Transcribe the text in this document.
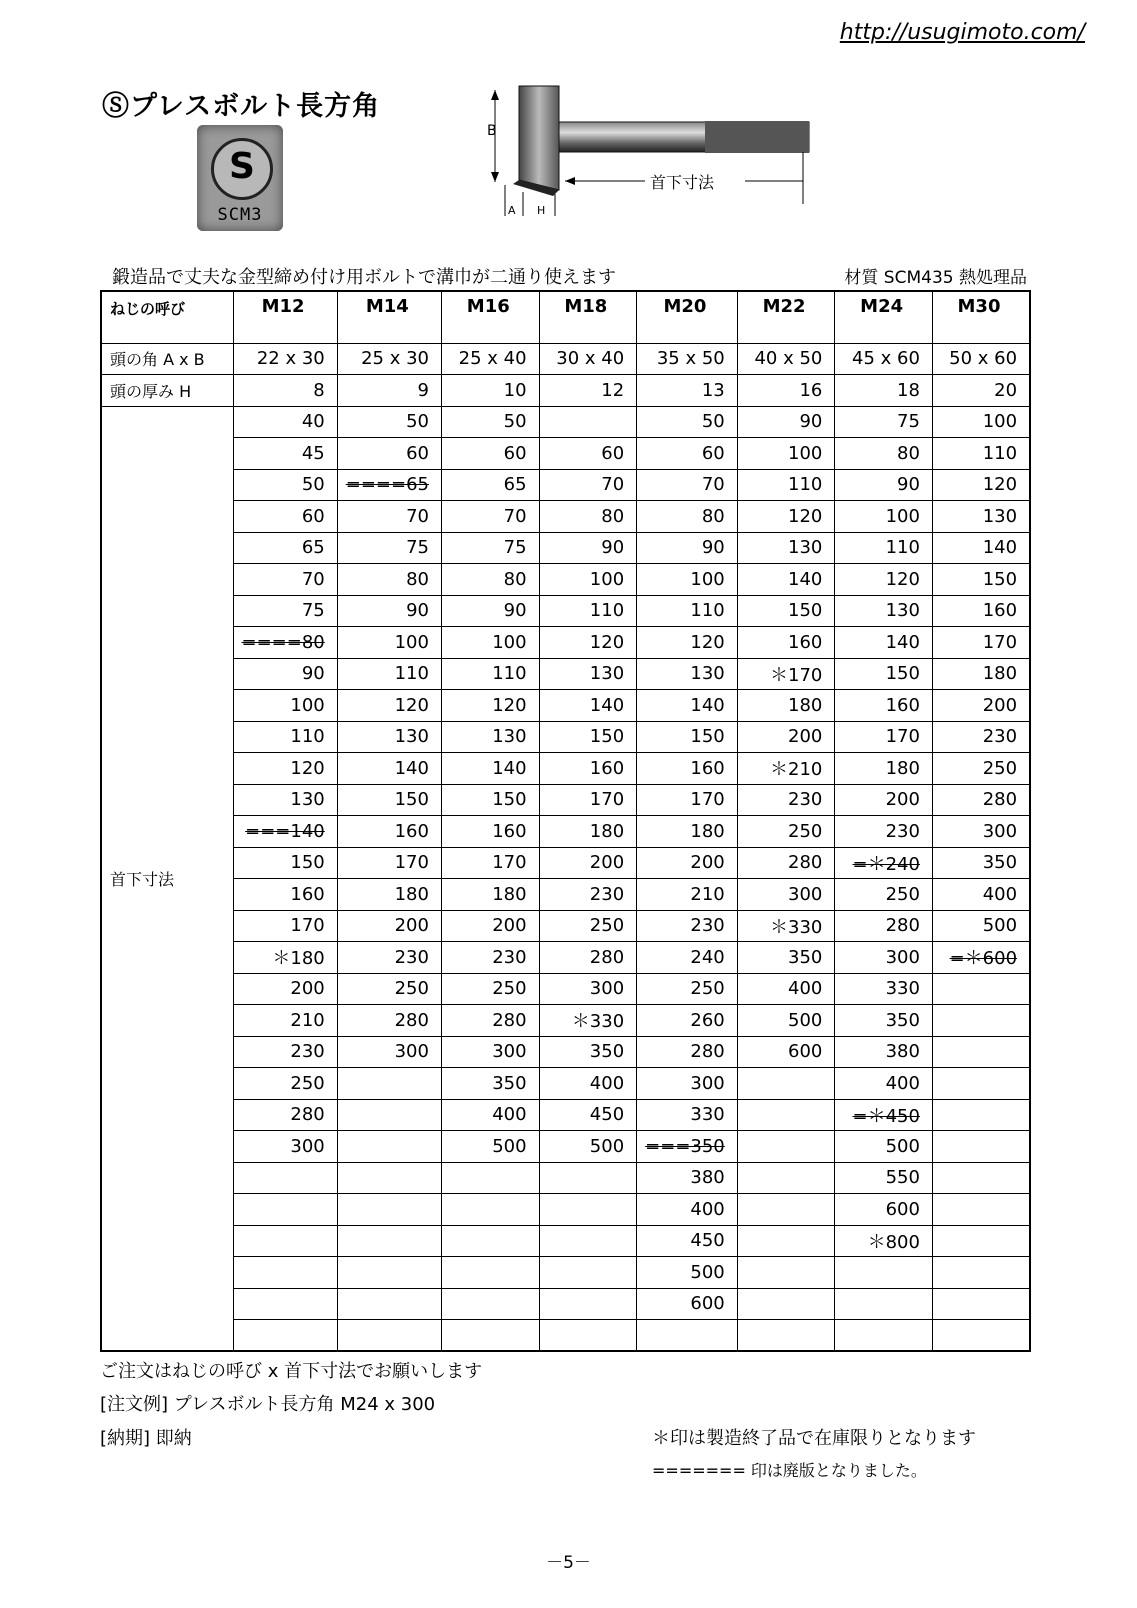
http://usugimoto.com/
Ⓢプレスボルト長方角
S
SCM3
B
首下寸法
A H
鍛造品で丈夫な金型締め付け用ボルトで溝巾が二通り使えます	材質 SCM435 熱処理品
ねじの呼び	M12	M14	M16	M18	M20	M22	M24	M30
頭の角 A x B	22 x 30	25 x 30	25 x 40	30 x 40	35 x 50	40 x 50	45 x 60	50 x 60
頭の厚み H	8	9	10	12	13	16	18	20
首下寸法	40	50	50		50	90	75	100
	45	60	60	60	60	100	80	110
	50	====65	65	70	70	110	90	120
	60	70	70	80	80	120	100	130
	65	75	75	90	90	130	110	140
	70	80	80	100	100	140	120	150
	75	90	90	110	110	150	130	160
	====80	100	100	120	120	160	140	170
	90	110	110	130	130	＊170	150	180
	100	120	120	140	140	180	160	200
	110	130	130	150	150	200	170	230
	120	140	140	160	160	＊210	180	250
	130	150	150	170	170	230	200	280
	===140	160	160	180	180	250	230	300
	150	170	170	200	200	280	=＊240	350
	160	180	180	230	210	300	250	400
	170	200	200	250	230	＊330	280	500
	＊180	230	230	280	240	350	300	=＊600
	200	250	250	300	250	400	330	
	210	280	280	＊330	260	500	350	
	230	300	300	350	280	600	380	
	250		350	400	300		400	
	280		400	450	330		=＊450	
	300		500	500	===350		500	
					380		550	
					400		600	
					450		＊800	
					500			
					600			

ご注文はねじの呼び x 首下寸法でお願いします
[注文例] プレスボルト長方角 M24 x 300
[納期] 即納	＊印は製造終了品で在庫限りとなります
======= 印は廃版となりました。
－5－
